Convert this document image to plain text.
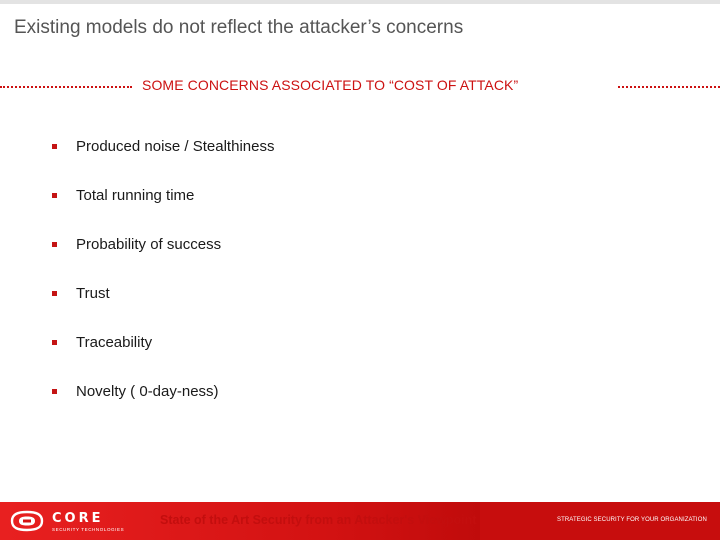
Existing models do not reflect the attacker’s concerns
SOME CONCERNS ASSOCIATED TO “COST OF ATTACK”
Produced noise / Stealthiness
Total running time
Probability of success
Trust
Traceability
Novelty ( 0-day-ness)
CORE
SECURITY TECHNOLOGIES
State of the Art Security from an Attacker's Viewpoint	STRATEGIC SECURITY FOR YOUR ORGANIZATION
